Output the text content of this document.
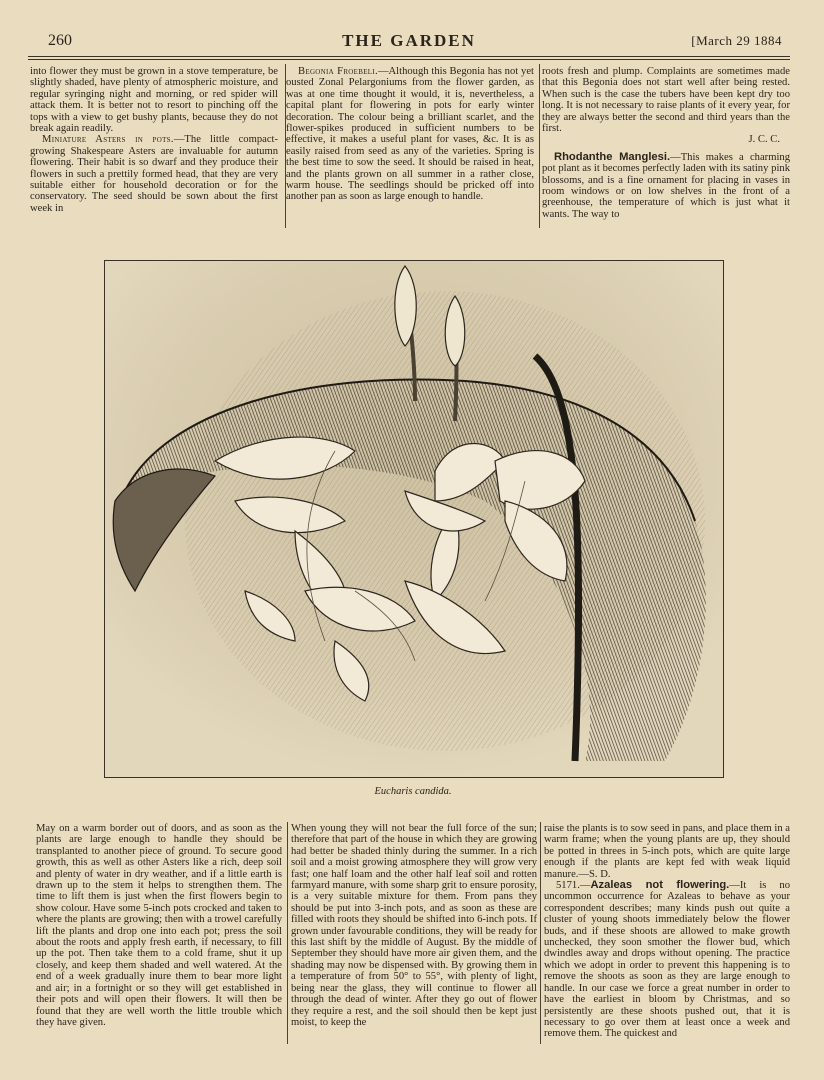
260	THE GARDEN	[March 29 1884

into flower they must be grown in a stove temperature, be slightly shaded, have plenty of atmospheric moisture, and regular syringing night and morning, or red spider will attack them. It is better not to resort to pinching off the tops with a view to get bushy plants, because they do not break again readily.

Miniature Asters in pots.—The little compact-growing Shakespeare Asters are invaluable for autumn flowering. Their habit is so dwarf and they produce their flowers in such a prettily formed head, that they are very suitable either for household decoration or for the conservatory. The seed should be sown about the first week in

Begonia Froebeli.—Although this Begonia has not yet ousted Zonal Pelargoniums from the flower garden, as was at one time thought it would, it is, nevertheless, a capital plant for flowering in pots for early winter decoration. The colour being a brilliant scarlet, and the flower-spikes produced in sufficient numbers to be effective, it makes a useful plant for vases, &c. It is as easily raised from seed as any of the varieties. Spring is the best time to sow the seed. It should be raised in heat, and the plants grown on all summer in a rather close, warm house. The seedlings should be pricked off into another pan as soon as large enough to handle.

roots fresh and plump. Complaints are sometimes made that this Begonia does not start well after being rested. When such is the case the tubers have been kept dry too long. It is not necessary to raise plants of it every year, for they are always better the second and third years than the first.

J. C. C.

Rhodanthe Manglesi.—This makes a charming pot plant as it becomes perfectly laden with its satiny pink blossoms, and is a fine ornament for placing in vases in room windows or on low shelves in the front of a greenhouse, the temperature of which is just what it wants. The way to

Eucharis candida.

May on a warm border out of doors, and as soon as the plants are large enough to handle they should be transplanted to another piece of ground. To secure good growth, this as well as other Asters like a rich, deep soil and plenty of water in dry weather, and if a little earth is drawn up to the stem it helps to strengthen them. The time to lift them is just when the first flowers begin to show colour. Have some 5-inch pots crocked and taken to where the plants are growing; then with a trowel carefully lift the plants and drop one into each pot; press the soil about the roots and apply fresh earth, if necessary, to fill up the pot. Then take them to a cold frame, shut it up closely, and keep them shaded and well watered. At the end of a week gradually inure them to bear more light and air; in a fortnight or so they will get established in their pots and will open their flowers. It will then be found that they are well worth the little trouble which they have given.

When young they will not bear the full force of the sun; therefore that part of the house in which they are growing had better be shaded thinly during the summer. In a rich soil and a moist growing atmosphere they will grow very fast; one half loam and the other half leaf soil and rotten farmyard manure, with some sharp grit to ensure porosity, is a very suitable mixture for them. From pans they should be put into 3-inch pots, and as soon as these are filled with roots they should be shifted into 6-inch pots. If grown under favourable conditions, they will be ready for this last shift by the middle of August. By the middle of September they should have more air given them, and the shading may now be dispensed with. By growing them in a temperature of from 50° to 55°, with plenty of light, being near the glass, they will continue to flower all through the dead of winter. After they go out of flower they require a rest, and the soil should then be kept just moist, to keep the

raise the plants is to sow seed in pans, and place them in a warm frame; when the young plants are up, they should be potted in threes in 5-inch pots, which are quite large enough if the plants are kept fed with weak liquid manure.—S. D.

5171.—Azaleas not flowering.—It is no uncommon occurrence for Azaleas to behave as your correspondent describes; many kinds push out quite a cluster of young shoots immediately below the flower buds, and if these shoots are allowed to make growth unchecked, they soon smother the flower bud, which dwindles away and drops without opening. The practice which we adopt in order to prevent this happening is to remove the shoots as soon as they are large enough to handle. In our case we force a great number in order to have the earliest in bloom by Christmas, and so persistently are these shoots pushed out, that it is necessary to go over them at least once a week and remove them. The quickest and
